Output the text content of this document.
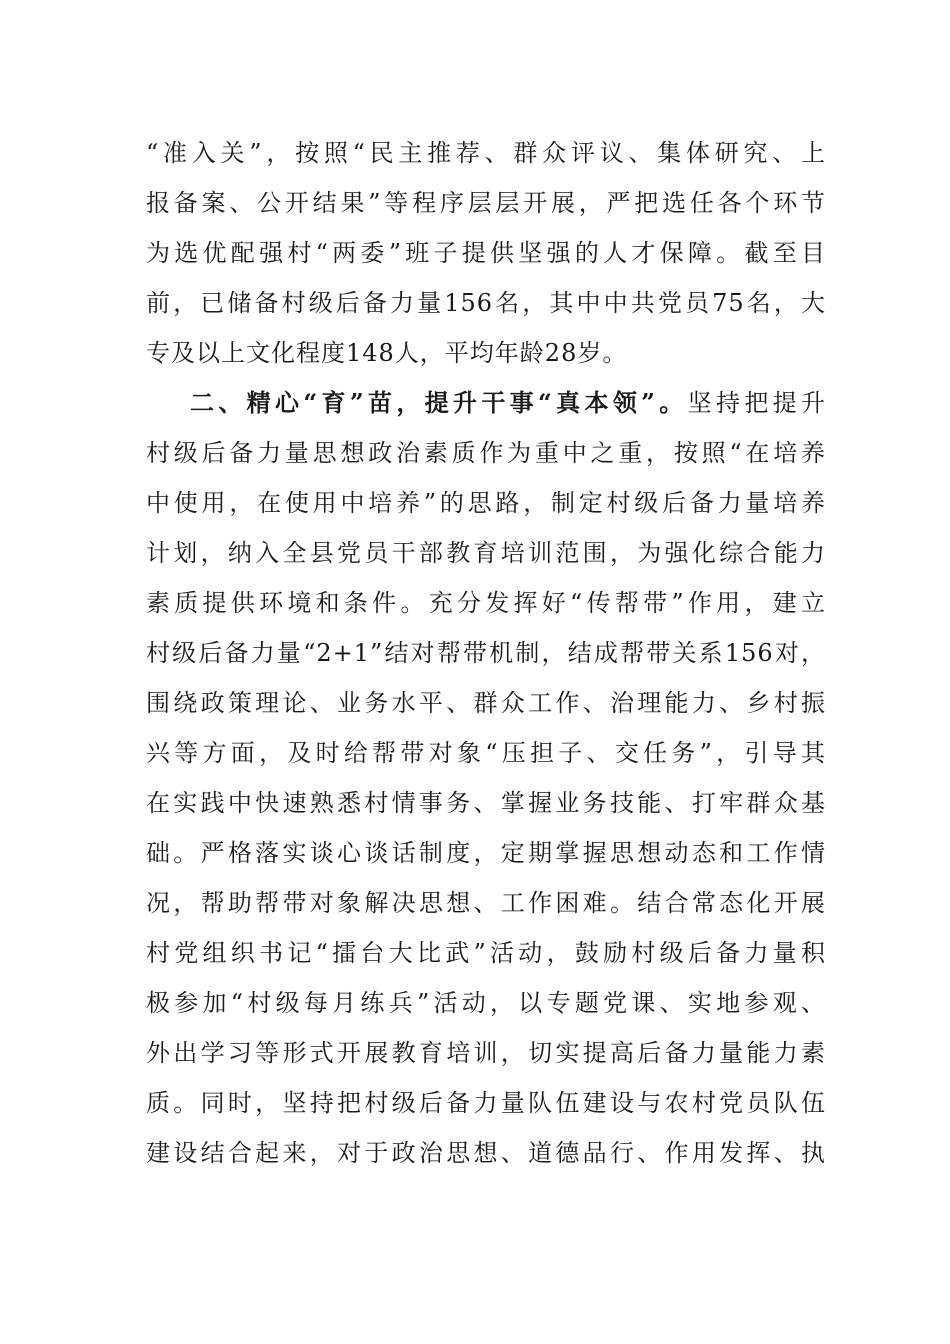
“准入关”，按照“民主推荐、群众评议、集体研究、上
报备案、公开结果”等程序层层开展，严把选任各个环节
为选优配强村“两委”班子提供坚强的人才保障。截至目
前，已储备村级后备力量156名，其中中共党员75名，大
专及以上文化程度148人，平均年龄28岁。
二、精心“育”苗，提升干事“真本领”。坚持把提升
村级后备力量思想政治素质作为重中之重，按照“在培养
中使用，在使用中培养”的思路，制定村级后备力量培养
计划，纳入全县党员干部教育培训范围，为强化综合能力
素质提供环境和条件。充分发挥好“传帮带”作用，建立
村级后备力量“2+1”结对帮带机制，结成帮带关系156对，
围绕政策理论、业务水平、群众工作、治理能力、乡村振
兴等方面，及时给帮带对象“压担子、交任务”，引导其
在实践中快速熟悉村情事务、掌握业务技能、打牢群众基
础。严格落实谈心谈话制度，定期掌握思想动态和工作情
况，帮助帮带对象解决思想、工作困难。结合常态化开展
村党组织书记“擂台大比武”活动，鼓励村级后备力量积
极参加“村级每月练兵”活动，以专题党课、实地参观、
外出学习等形式开展教育培训，切实提高后备力量能力素
质。同时，坚持把村级后备力量队伍建设与农村党员队伍
建设结合起来，对于政治思想、道德品行、作用发挥、执
